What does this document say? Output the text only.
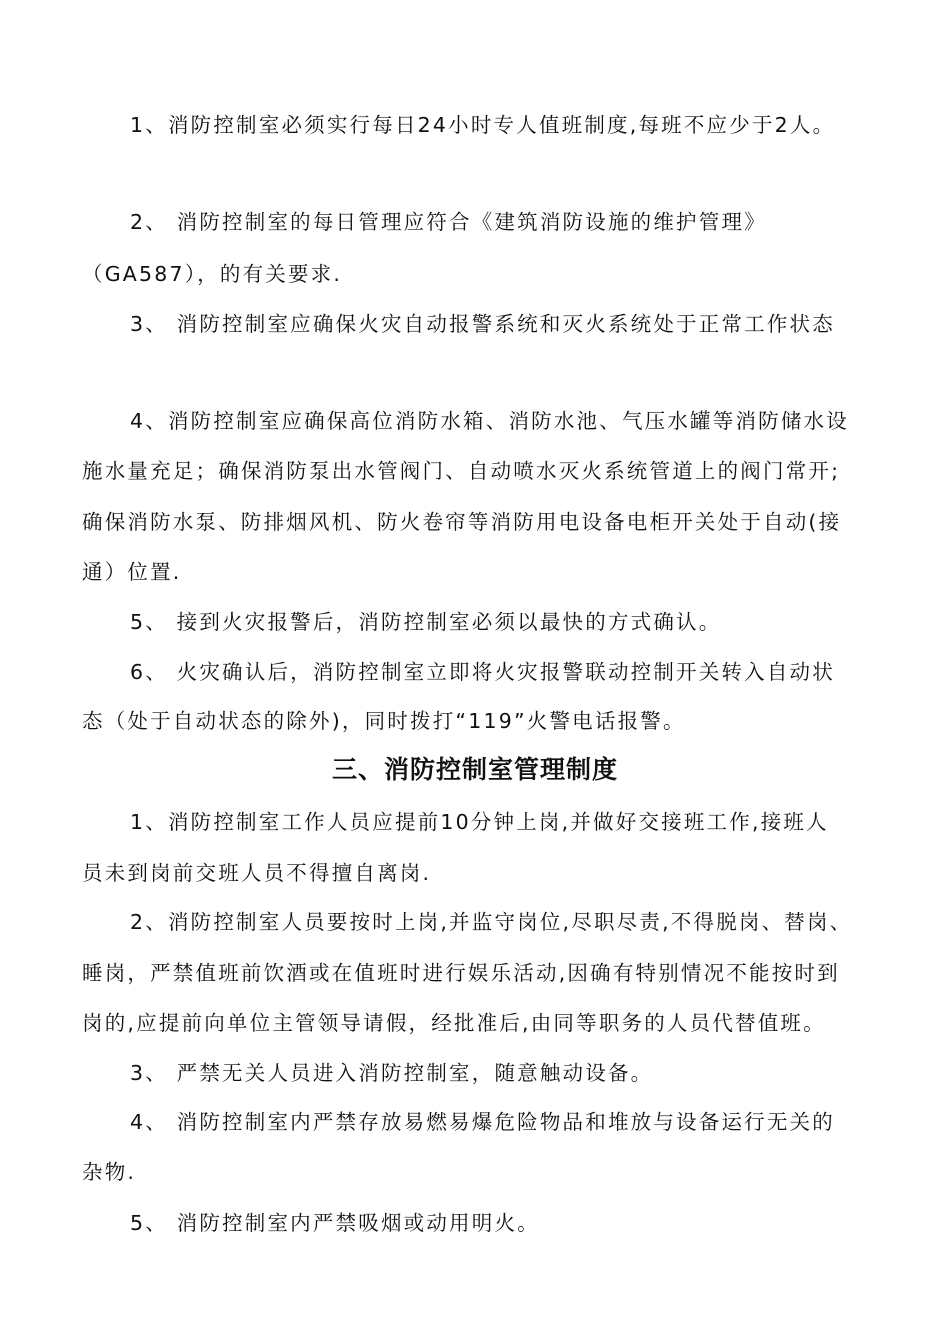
1、消防控制室必须实行每日24小时专人值班制度,每班不应少于2人。
2、 消防控制室的每日管理应符合《建筑消防设施的维护管理》
（GA587），的有关要求.
3、 消防控制室应确保火灾自动报警系统和灭火系统处于正常工作状态
4、消防控制室应确保高位消防水箱、消防水池、气压水罐等消防储水设
施水量充足；确保消防泵出水管阀门、自动喷水灭火系统管道上的阀门常开;
确保消防水泵、防排烟风机、防火卷帘等消防用电设备电柜开关处于自动(接
通）位置.
5、 接到火灾报警后，消防控制室必须以最快的方式确认。
6、 火灾确认后，消防控制室立即将火灾报警联动控制开关转入自动状
态（处于自动状态的除外)，同时拨打“119”火警电话报警。
三、消防控制室管理制度
1、消防控制室工作人员应提前10分钟上岗,并做好交接班工作,接班人
员未到岗前交班人员不得擅自离岗.
2、消防控制室人员要按时上岗,并监守岗位,尽职尽责,不得脱岗、替岗、
睡岗，严禁值班前饮酒或在值班时进行娱乐活动,因确有特别情况不能按时到
岗的,应提前向单位主管领导请假，经批准后,由同等职务的人员代替值班。
3、 严禁无关人员进入消防控制室，随意触动设备。
4、 消防控制室内严禁存放易燃易爆危险物品和堆放与设备运行无关的
杂物.
5、 消防控制室内严禁吸烟或动用明火。
